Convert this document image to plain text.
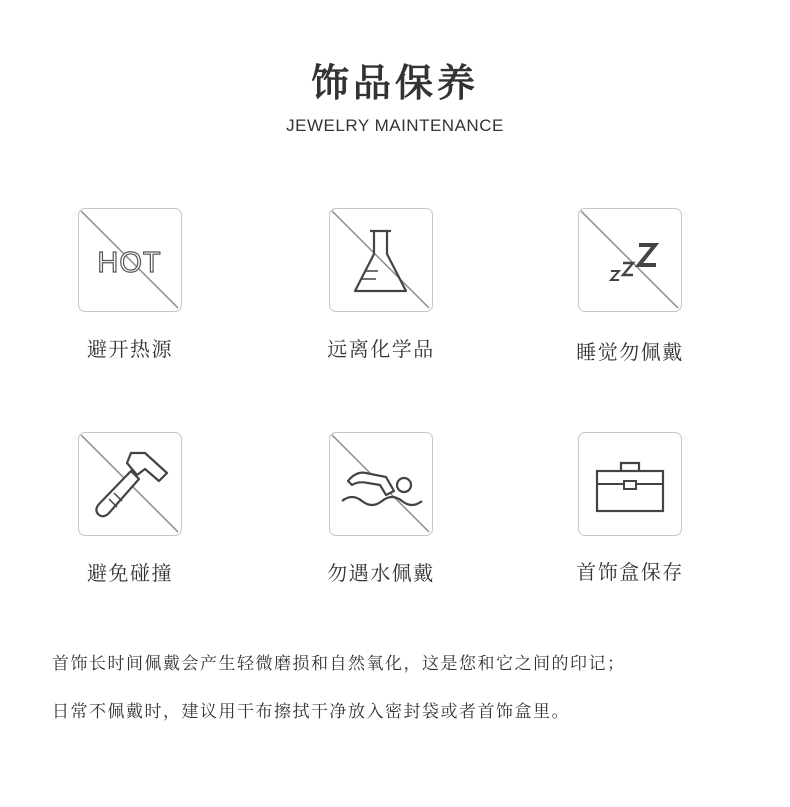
饰品保养
JEWELRY MAINTENANCE
HOT
避开热源	远离化学品	睡觉勿佩戴
避免碰撞	勿遇水佩戴	首饰盒保存
首饰长时间佩戴会产生轻微磨损和自然氧化，这是您和它之间的印记；
日常不佩戴时，建议用干布擦拭干净放入密封袋或者首饰盒里。
